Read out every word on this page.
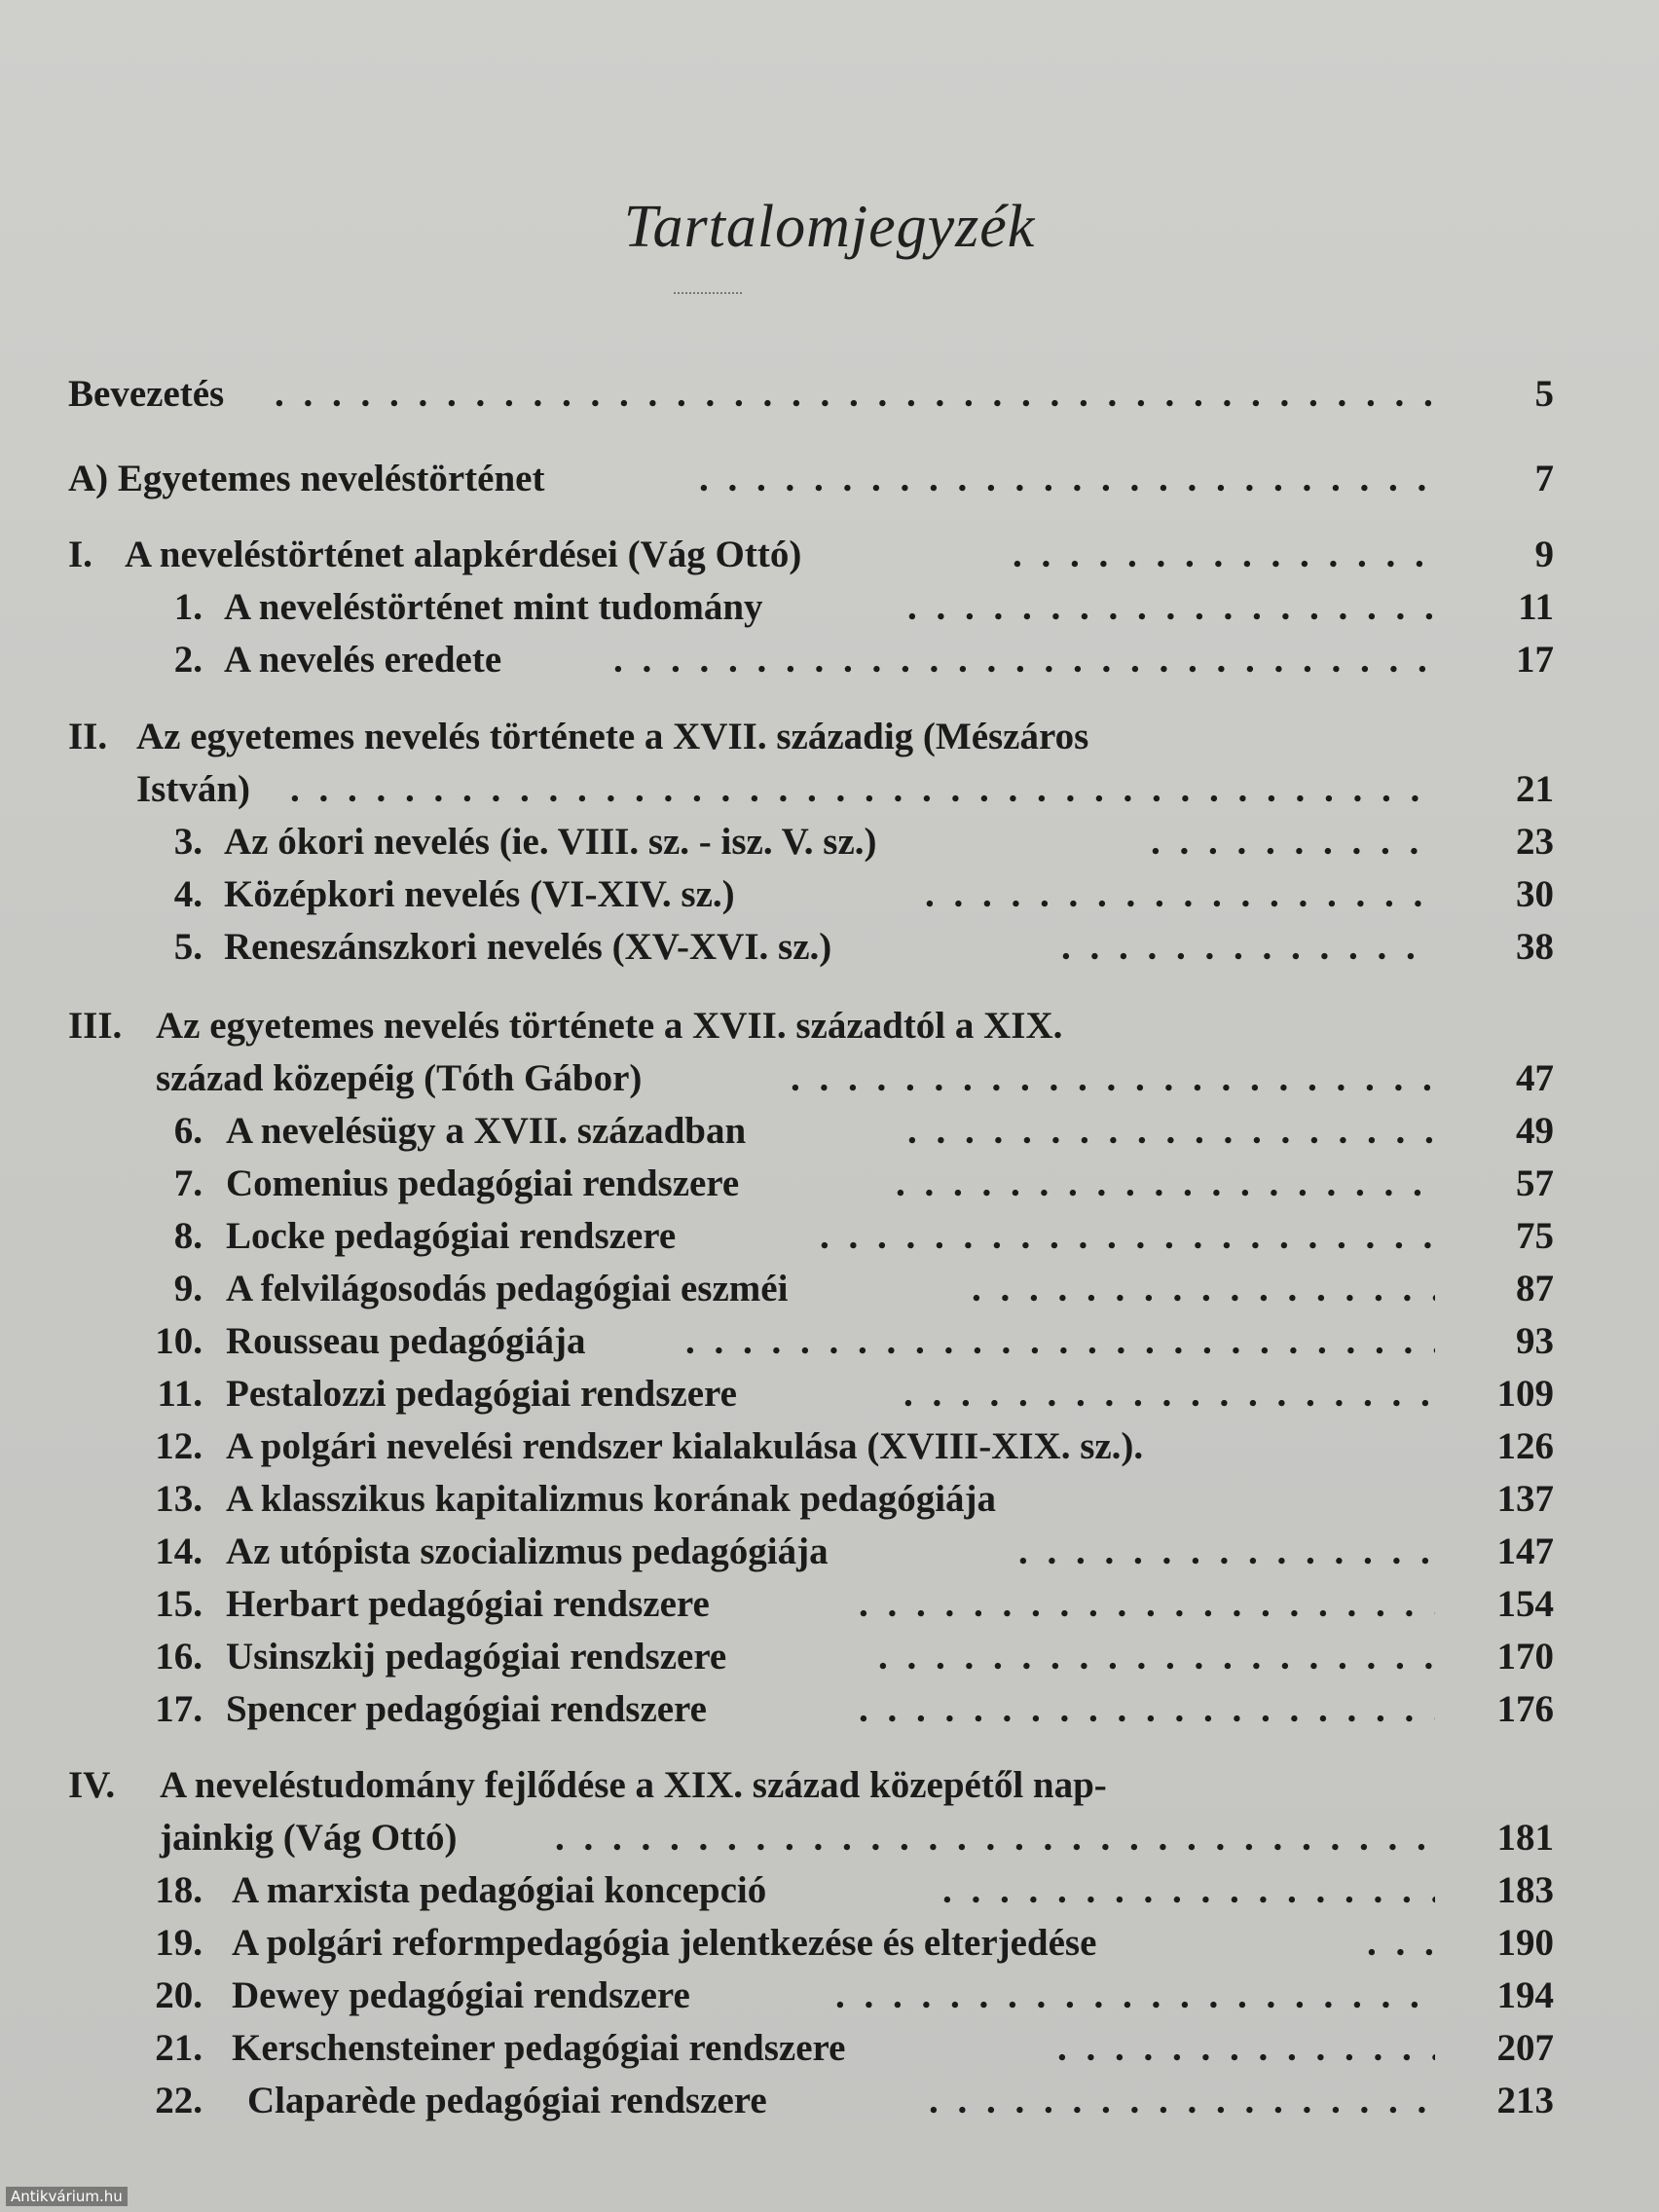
Tartalomjegyzék
Bevezetés . . .	5
A) Egyetemes neveléstörténet . . .	7
I. A neveléstörténet alapkérdései (Vág Ottó) . . .	9
1. A neveléstörténet mint tudomány . . .	11
2. A nevelés eredete . . .	17
II. Az egyetemes nevelés története a XVII. századig (Mészáros
István) . . .	21
3. Az ókori nevelés (ie. VIII. sz. - isz. V. sz.) . . .	23
4. Középkori nevelés (VI-XIV. sz.) . . .	30
5. Reneszánszkori nevelés (XV-XVI. sz.) . . .	38
III. Az egyetemes nevelés története a XVII. századtól a XIX.
század közepéig (Tóth Gábor) . . .	47
6. A nevelésügy a XVII. században . . .	49
7. Comenius pedagógiai rendszere . . .	57
8. Locke pedagógiai rendszere . . .	75
9. A felvilágosodás pedagógiai eszméi . . .	87
10. Rousseau pedagógiája . . .	93
11. Pestalozzi pedagógiai rendszere . . .	109
12. A polgári nevelési rendszer kialakulása (XVIII-XIX. sz.).	126
13. A klasszikus kapitalizmus korának pedagógiája	137
14. Az utópista szocializmus pedagógiája . . .	147
15. Herbart pedagógiai rendszere . . .	154
16. Usinszkij pedagógiai rendszere . . .	170
17. Spencer pedagógiai rendszere . . .	176
IV. A neveléstudomány fejlődése a XIX. század közepétől nap-
jainkig (Vág Ottó) . . .	181
18. A marxista pedagógiai koncepció . . .	183
19. A polgári reformpedagógia jelentkezése és elterjedése . . .	190
20. Dewey pedagógiai rendszere . . .	194
21. Kerschensteiner pedagógiai rendszere . . .	207
22. Claparède pedagógiai rendszere . . .	213
Antikvárium.hu
